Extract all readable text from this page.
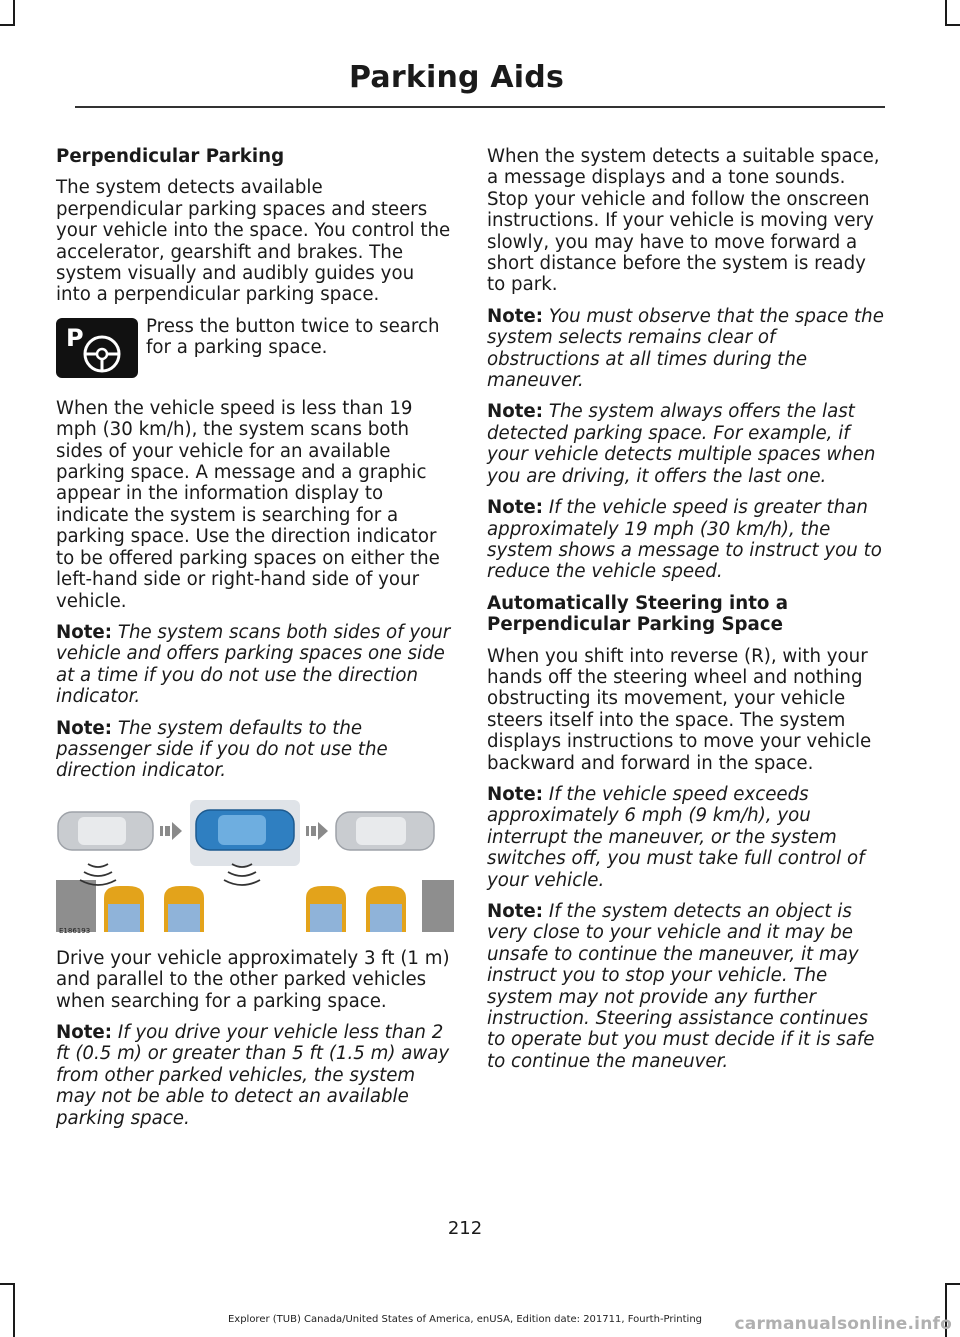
Parking Aids
Perpendicular Parking

The system detects available perpendicular parking spaces and steers your vehicle into the space. You control the accelerator, gearshift and brakes. The system visually and audibly guides you into a perpendicular parking space.

P	Press the button twice to search for a parking space.

When the vehicle speed is less than 19 mph (30 km/h), the system scans both sides of your vehicle for an available parking space. A message and a graphic appear in the information display to indicate the system is searching for a parking space. Use the direction indicator to be offered parking spaces on either the left-hand side or right-hand side of your vehicle.

Note: The system scans both sides of your vehicle and offers parking spaces one side at a time if you do not use the direction indicator.

Note: The system defaults to the passenger side if you do not use the direction indicator.

E186193

Drive your vehicle approximately 3 ft (1 m) and parallel to the other parked vehicles when searching for a parking space.

Note: If you drive your vehicle less than 2 ft (0.5 m) or greater than 5 ft (1.5 m) away from other parked vehicles, the system may not be able to detect an available parking space.

When the system detects a suitable space, a message displays and a tone sounds. Stop your vehicle and follow the onscreen instructions. If your vehicle is moving very slowly, you may have to move forward a short distance before the system is ready to park.

Note: You must observe that the space the system selects remains clear of obstructions at all times during the maneuver.

Note: The system always offers the last detected parking space. For example, if your vehicle detects multiple spaces when you are driving, it offers the last one.

Note: If the vehicle speed is greater than approximately 19 mph (30 km/h), the system shows a message to instruct you to reduce the vehicle speed.

Automatically Steering into a Perpendicular Parking Space

When you shift into reverse (R), with your hands off the steering wheel and nothing obstructing its movement, your vehicle steers itself into the space. The system displays instructions to move your vehicle backward and forward in the space.

Note: If the vehicle speed exceeds approximately 6 mph (9 km/h), you interrupt the maneuver, or the system switches off, you must take full control of your vehicle.

Note: If the system detects an object is very close to your vehicle and it may be unsafe to continue the maneuver, it may instruct you to stop your vehicle. The system may not provide any further instruction. Steering assistance continues to operate but you must decide if it is safe to continue the maneuver.

212
Explorer (TUB) Canada/United States of America, enUSA, Edition date: 201711, Fourth-Printing	carmanualsonline.info
